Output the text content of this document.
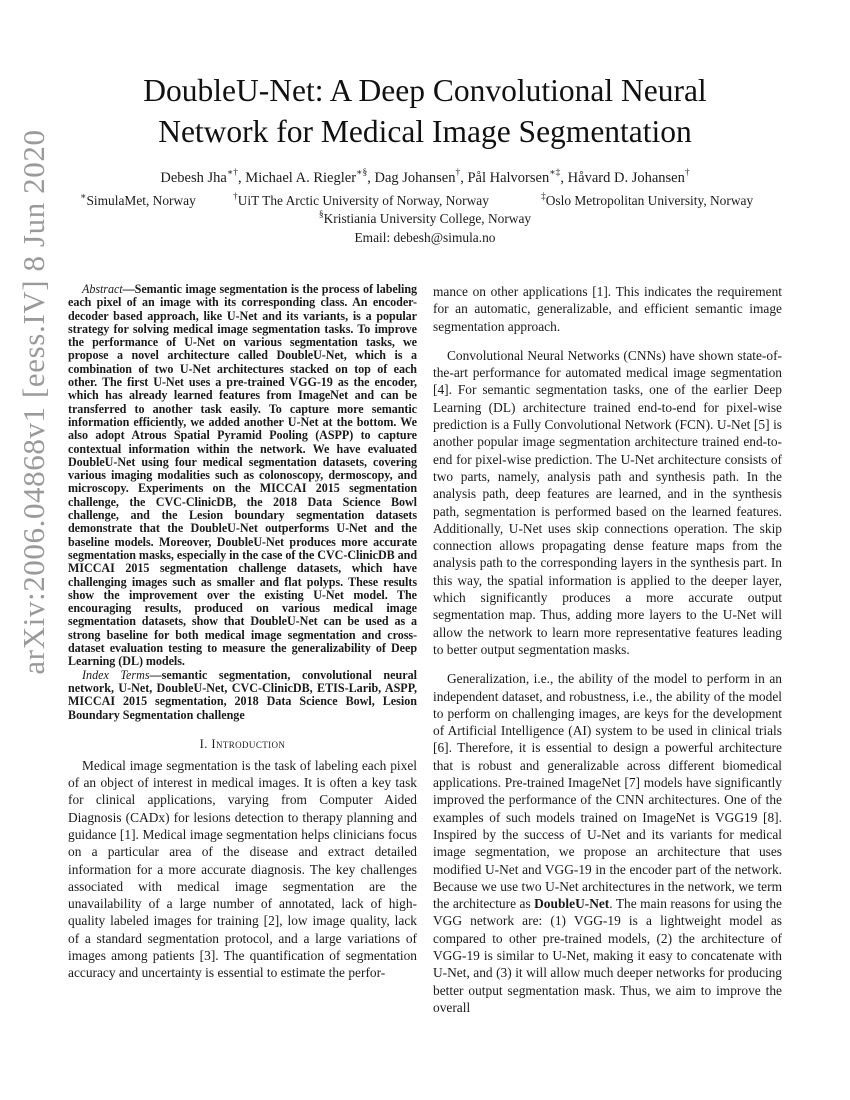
arXiv:2006.04868v1 [eess.IV] 8 Jun 2020
DoubleU-Net: A Deep Convolutional Neural
Network for Medical Image Segmentation
Debesh Jha∗†, Michael A. Riegler∗§, Dag Johansen†, Pål Halvorsen∗‡, Håvard D. Johansen†
∗SimulaMet, Norway	†UiT The Arctic University of Norway, Norway	‡Oslo Metropolitan University, Norway
§Kristiania University College, Norway
Email: debesh@simula.no

Abstract—Semantic image segmentation is the process of labeling each pixel of an image with its corresponding class. An encoder-decoder based approach, like U-Net and its variants, is a popular strategy for solving medical image segmentation tasks. To improve the performance of U-Net on various segmentation tasks, we propose a novel architecture called DoubleU-Net, which is a combination of two U-Net architectures stacked on top of each other. The first U-Net uses a pre-trained VGG-19 as the encoder, which has already learned features from ImageNet and can be transferred to another task easily. To capture more semantic information efficiently, we added another U-Net at the bottom. We also adopt Atrous Spatial Pyramid Pooling (ASPP) to capture contextual information within the network. We have evaluated DoubleU-Net using four medical segmentation datasets, covering various imaging modalities such as colonoscopy, dermoscopy, and microscopy. Experiments on the MICCAI 2015 segmentation challenge, the CVC-ClinicDB, the 2018 Data Science Bowl challenge, and the Lesion boundary segmentation datasets demonstrate that the DoubleU-Net outperforms U-Net and the baseline models. Moreover, DoubleU-Net produces more accurate segmentation masks, especially in the case of the CVC-ClinicDB and MICCAI 2015 segmentation challenge datasets, which have challenging images such as smaller and flat polyps. These results show the improvement over the existing U-Net model. The encouraging results, produced on various medical image segmentation datasets, show that DoubleU-Net can be used as a strong baseline for both medical image segmentation and cross-dataset evaluation testing to measure the generalizability of Deep Learning (DL) models.

Index Terms—semantic segmentation, convolutional neural network, U-Net, DoubleU-Net, CVC-ClinicDB, ETIS-Larib, ASPP, MICCAI 2015 segmentation, 2018 Data Science Bowl, Lesion Boundary Segmentation challenge

I. Introduction

Medical image segmentation is the task of labeling each pixel of an object of interest in medical images. It is often a key task for clinical applications, varying from Computer Aided Diagnosis (CADx) for lesions detection to therapy planning and guidance [1]. Medical image segmentation helps clinicians focus on a particular area of the disease and extract detailed information for a more accurate diagnosis. The key challenges associated with medical image segmentation are the unavailability of a large number of annotated, lack of high-quality labeled images for training [2], low image quality, lack of a standard segmentation protocol, and a large variations of images among patients [3]. The quantification of segmentation accuracy and uncertainty is essential to estimate the perfor-

mance on other applications [1]. This indicates the requirement for an automatic, generalizable, and efficient semantic image segmentation approach.

Convolutional Neural Networks (CNNs) have shown state-of-the-art performance for automated medical image segmentation [4]. For semantic segmentation tasks, one of the earlier Deep Learning (DL) architecture trained end-to-end for pixel-wise prediction is a Fully Convolutional Network (FCN). U-Net [5] is another popular image segmentation architecture trained end-to-end for pixel-wise prediction. The U-Net architecture consists of two parts, namely, analysis path and synthesis path. In the analysis path, deep features are learned, and in the synthesis path, segmentation is performed based on the learned features. Additionally, U-Net uses skip connections operation. The skip connection allows propagating dense feature maps from the analysis path to the corresponding layers in the synthesis part. In this way, the spatial information is applied to the deeper layer, which significantly produces a more accurate output segmentation map. Thus, adding more layers to the U-Net will allow the network to learn more representative features leading to better output segmentation masks.

Generalization, i.e., the ability of the model to perform in an independent dataset, and robustness, i.e., the ability of the model to perform on challenging images, are keys for the development of Artificial Intelligence (AI) system to be used in clinical trials [6]. Therefore, it is essential to design a powerful architecture that is robust and generalizable across different biomedical applications. Pre-trained ImageNet [7] models have significantly improved the performance of the CNN architectures. One of the examples of such models trained on ImageNet is VGG19 [8]. Inspired by the success of U-Net and its variants for medical image segmentation, we propose an architecture that uses modified U-Net and VGG-19 in the encoder part of the network. Because we use two U-Net architectures in the network, we term the architecture as DoubleU-Net. The main reasons for using the VGG network are: (1) VGG-19 is a lightweight model as compared to other pre-trained models, (2) the architecture of VGG-19 is similar to U-Net, making it easy to concatenate with U-Net, and (3) it will allow much deeper networks for producing better output segmentation mask. Thus, we aim to improve the overall
